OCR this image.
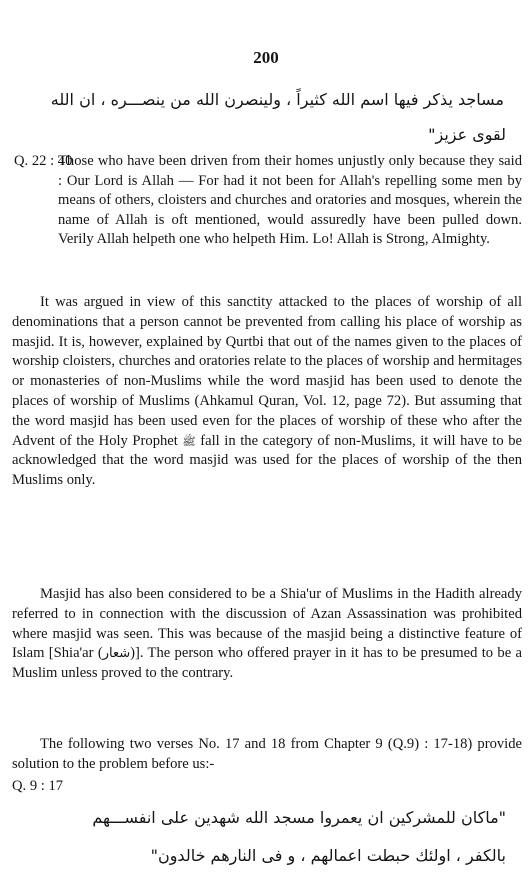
200
مساجد يذكر فيها اسم الله كثيراً ، ولينصرن الله من ينصـــره ، ان الله
لقوى عزيز"
Q. 22 : 40
Those who have been driven from their homes unjustly only because they said : Our Lord is Allah — For had it not been for Allah's repelling some men by means of others, cloisters and churches and oratories and mosques, wherein the name of Allah is oft mentioned, would assuredly have been pulled down. Verily Allah helpeth one who helpeth Him. Lo! Allah is Strong, Almighty.

It was argued in view of this sanctity attacked to the places of worship of all denominations that a person cannot be prevented from calling his place of worship as masjid. It is, however, explained by Qurtbi that out of the names given to the places of worship cloisters, churches and oratories relate to the places of worship and hermitages or monasteries of non-Muslims while the word masjid has been used to denote the places of worship of Muslims (Ahkamul Quran, Vol. 12, page 72). But assuming that the word masjid has been used even for the places of worship of these who after the Advent of the Holy Prophet ﷺ fall in the category of non-Muslims, it will have to be acknowledged that the word masjid was used for the places of worship of the then Muslims only.

Masjid has also been considered to be a Shia'ur of Muslims in the Hadith already referred to in connection with the discussion of Azan Assassination was prohibited where masjid was seen. This was because of the masjid being a distinctive feature of Islam [Shia'ar (شعار)]. The person who offered prayer in it has to be presumed to be a Muslim unless proved to the contrary.

The following two verses No. 17 and 18 from Chapter 9 (Q.9) : 17-18) provide solution to the problem before us:-

Q. 9 : 17
"ماكان للمشركين ان يعمروا مسجد الله شهدين على انفســـهم
بالكفر ، اولئك حبطت اعمالهم ، و فى النارهم خالدون"
